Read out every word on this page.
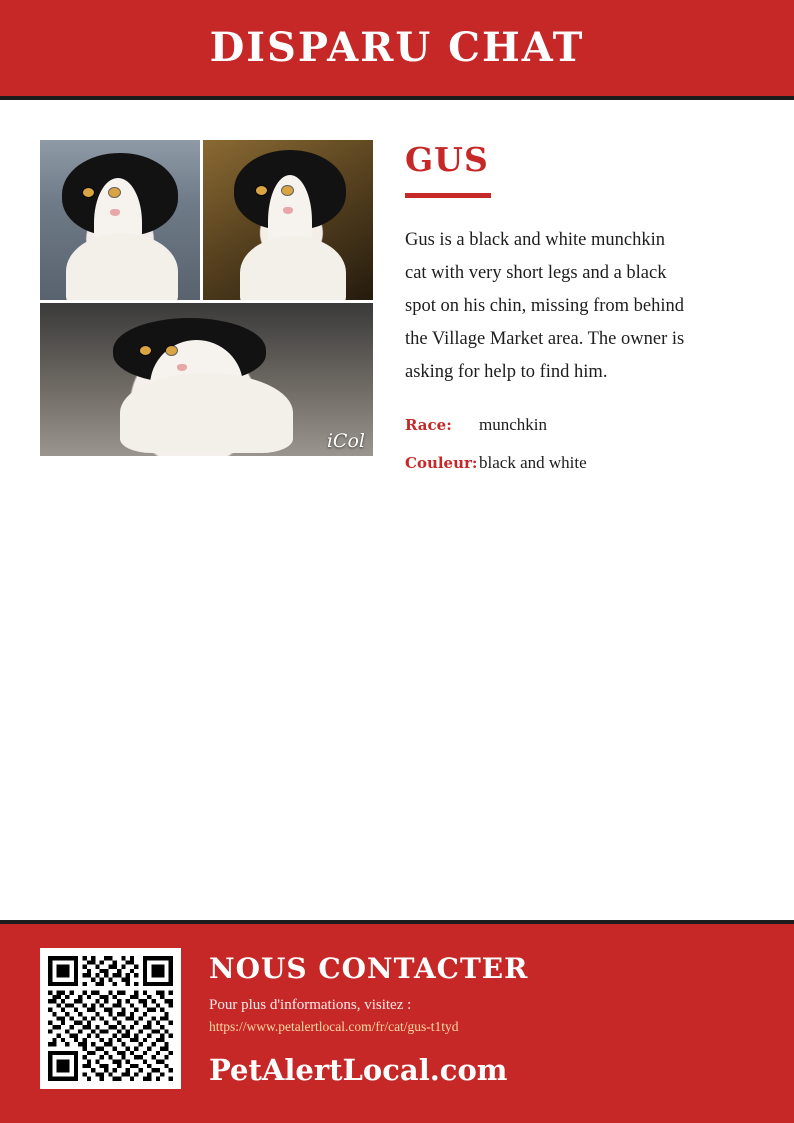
DISPARU CHAT
iCol
GUS

Gus is a black and white munchkin cat with very short legs and a black spot on his chin, missing from behind the Village Market area. The owner is asking for help to find him.

Race:	munchkin
Couleur: black and white
NOUS CONTACTER

Pour plus d'informations, visitez :

https://www.petalertlocal.com/fr/cat/gus-t1tyd

PetAlertLocal.com
